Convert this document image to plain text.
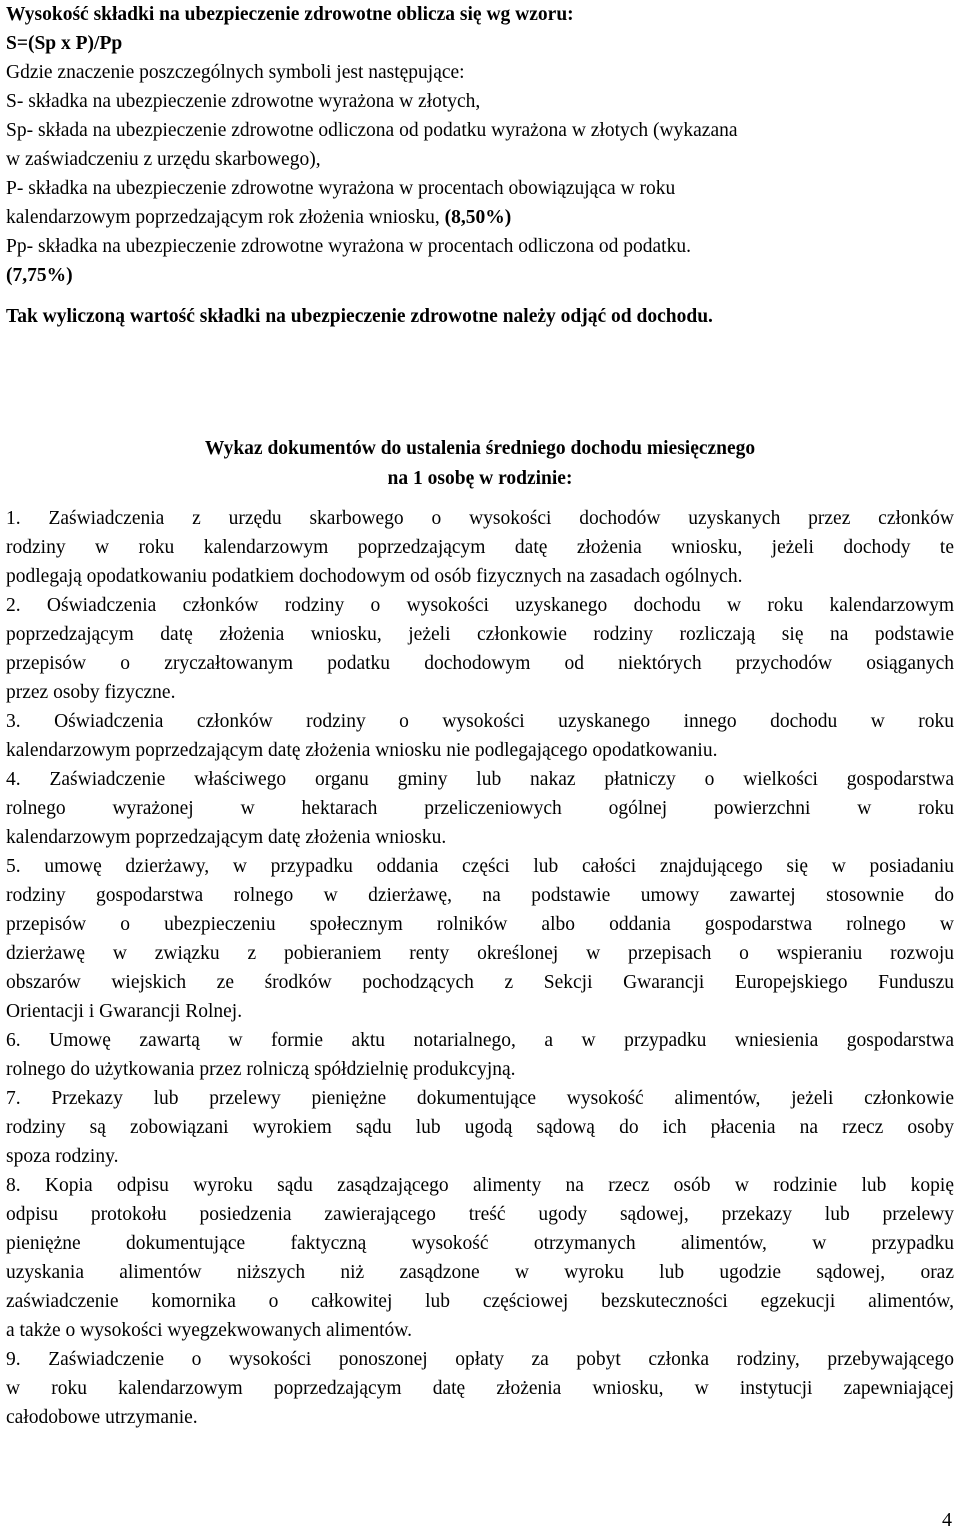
Wysokość składki na ubezpieczenie zdrowotne oblicza się wg wzoru:
S=(Sp x P)/Pp
Gdzie znaczenie poszczególnych symboli jest następujące:
S- składka na ubezpieczenie zdrowotne wyrażona w złotych,
Sp- składa na ubezpieczenie zdrowotne odliczona od podatku wyrażona w złotych (wykazana
w zaświadczeniu z urzędu skarbowego),
P- składka na ubezpieczenie zdrowotne wyrażona w procentach obowiązująca w roku
kalendarzowym poprzedzającym rok złożenia wniosku, (8,50%)
Pp- składka na ubezpieczenie zdrowotne wyrażona w procentach odliczona od podatku.
(7,75%)
Tak wyliczoną wartość składki na ubezpieczenie zdrowotne należy odjąć od dochodu.
Wykaz dokumentów do ustalenia średniego dochodu miesięcznego
na 1 osobę w rodzinie:
1. Zaświadczenia z urzędu skarbowego o wysokości dochodów uzyskanych przez członków
rodziny w roku kalendarzowym poprzedzającym datę złożenia wniosku, jeżeli dochody te
podlegają opodatkowaniu podatkiem dochodowym od osób fizycznych na zasadach ogólnych.
2. Oświadczenia członków rodziny o wysokości uzyskanego dochodu w roku kalendarzowym
poprzedzającym datę złożenia wniosku, jeżeli członkowie rodziny rozliczają się na podstawie
przepisów o zryczałtowanym podatku dochodowym od niektórych przychodów osiąganych
przez osoby fizyczne.
3. Oświadczenia członków rodziny o wysokości uzyskanego innego dochodu w roku
kalendarzowym poprzedzającym datę złożenia wniosku nie podlegającego opodatkowaniu.
4. Zaświadczenie właściwego organu gminy lub nakaz płatniczy o wielkości gospodarstwa
rolnego wyrażonej w hektarach przeliczeniowych ogólnej powierzchni w roku
kalendarzowym poprzedzającym datę złożenia wniosku.
5. umowę dzierżawy, w przypadku oddania części lub całości znajdującego się w posiadaniu
rodziny gospodarstwa rolnego w dzierżawę, na podstawie umowy zawartej stosownie do
przepisów o ubezpieczeniu społecznym rolników albo oddania gospodarstwa rolnego w
dzierżawę w związku z pobieraniem renty określonej w przepisach o wspieraniu rozwoju
obszarów wiejskich ze środków pochodzących z Sekcji Gwarancji Europejskiego Funduszu
Orientacji i Gwarancji Rolnej.
6. Umowę zawartą w formie aktu notarialnego, a w przypadku wniesienia gospodarstwa
rolnego do użytkowania przez rolniczą spółdzielnię produkcyjną.
7. Przekazy lub przelewy pieniężne dokumentujące wysokość alimentów, jeżeli członkowie
rodziny są zobowiązani wyrokiem sądu lub ugodą sądową do ich płacenia na rzecz osoby
spoza rodziny.
8. Kopia odpisu wyroku sądu zasądzającego alimenty na rzecz osób w rodzinie lub kopię
odpisu protokołu posiedzenia zawierającego treść ugody sądowej, przekazy lub przelewy
pieniężne dokumentujące faktyczną wysokość otrzymanych alimentów, w przypadku
uzyskania alimentów niższych niż zasądzone w wyroku lub ugodzie sądowej, oraz
zaświadczenie komornika o całkowitej lub częściowej bezskuteczności egzekucji alimentów,
a także o wysokości wyegzekwowanych alimentów.
9. Zaświadczenie o wysokości ponoszonej opłaty za pobyt członka rodziny, przebywającego
w roku kalendarzowym poprzedzającym datę złożenia wniosku, w instytucji zapewniającej
całodobowe utrzymanie.
4
